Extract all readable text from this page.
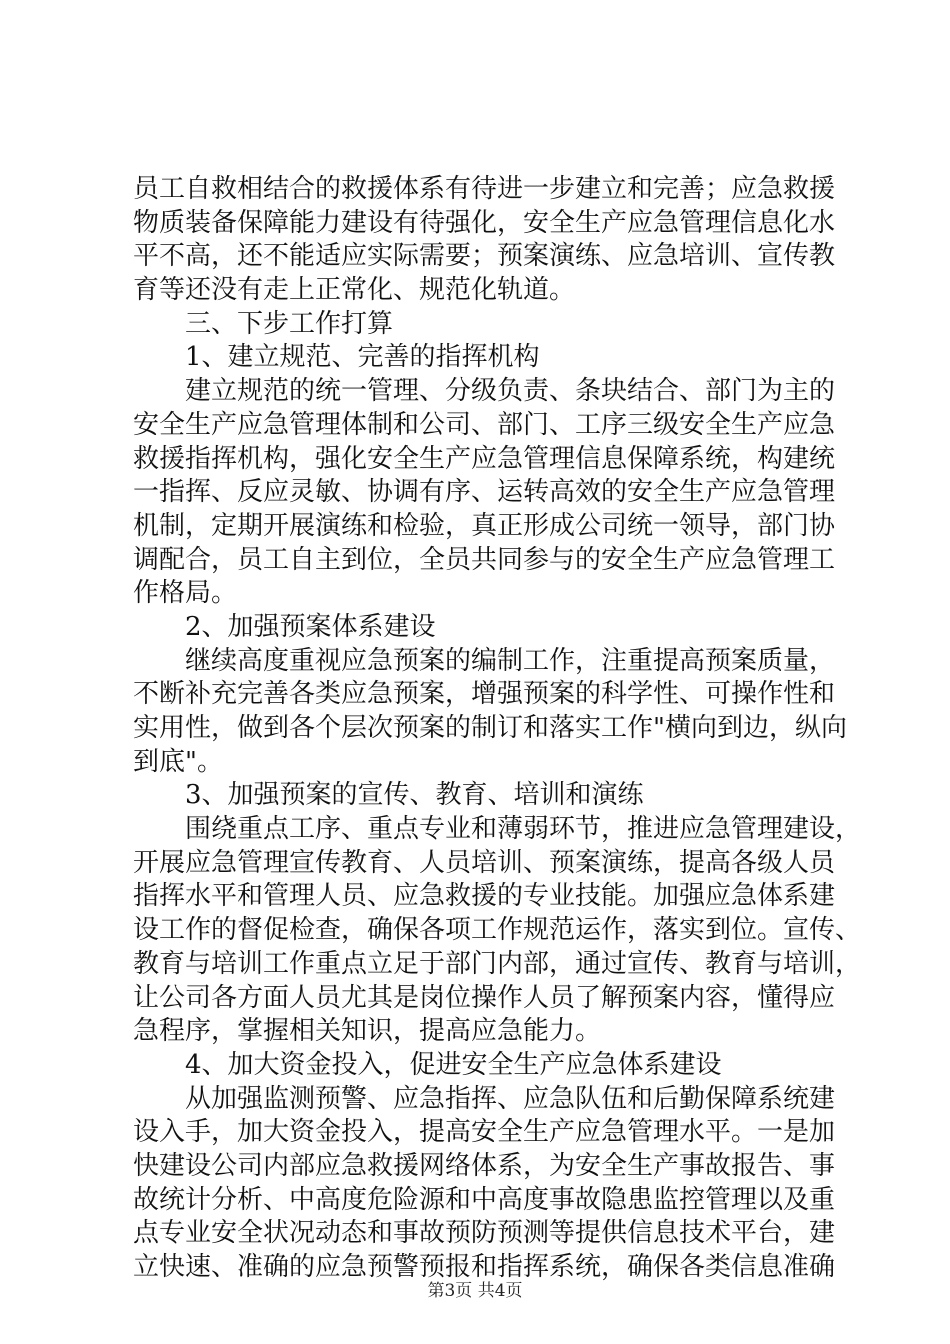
员工自救相结合的救援体系有待进一步建立和完善；应急救援
物质装备保障能力建设有待强化，安全生产应急管理信息化水
平不高，还不能适应实际需要；预案演练、应急培训、宣传教
育等还没有走上正常化、规范化轨道。
三、下步工作打算
1、建立规范、完善的指挥机构
建立规范的统一管理、分级负责、条块结合、部门为主的
安全生产应急管理体制和公司、部门、工序三级安全生产应急
救援指挥机构，强化安全生产应急管理信息保障系统，构建统
一指挥、反应灵敏、协调有序、运转高效的安全生产应急管理
机制，定期开展演练和检验，真正形成公司统一领导，部门协
调配合，员工自主到位，全员共同参与的安全生产应急管理工
作格局。
2、加强预案体系建设
继续高度重视应急预案的编制工作，注重提高预案质量，
不断补充完善各类应急预案，增强预案的科学性、可操作性和
实用性，做到各个层次预案的制订和落实工作"横向到边，纵向
到底"。
3、加强预案的宣传、教育、培训和演练
围绕重点工序、重点专业和薄弱环节，推进应急管理建设，
开展应急管理宣传教育、人员培训、预案演练，提高各级人员
指挥水平和管理人员、应急救援的专业技能。加强应急体系建
设工作的督促检查，确保各项工作规范运作，落实到位。宣传、
教育与培训工作重点立足于部门内部，通过宣传、教育与培训，
让公司各方面人员尤其是岗位操作人员了解预案内容，懂得应
急程序，掌握相关知识，提高应急能力。
4、加大资金投入，促进安全生产应急体系建设
从加强监测预警、应急指挥、应急队伍和后勤保障系统建
设入手，加大资金投入，提高安全生产应急管理水平。一是加
快建设公司内部应急救援网络体系，为安全生产事故报告、事
故统计分析、中高度危险源和中高度事故隐患监控管理以及重
点专业安全状况动态和事故预防预测等提供信息技术平台，建
立快速、准确的应急预警预报和指挥系统，确保各类信息准确
第3页 共4页
